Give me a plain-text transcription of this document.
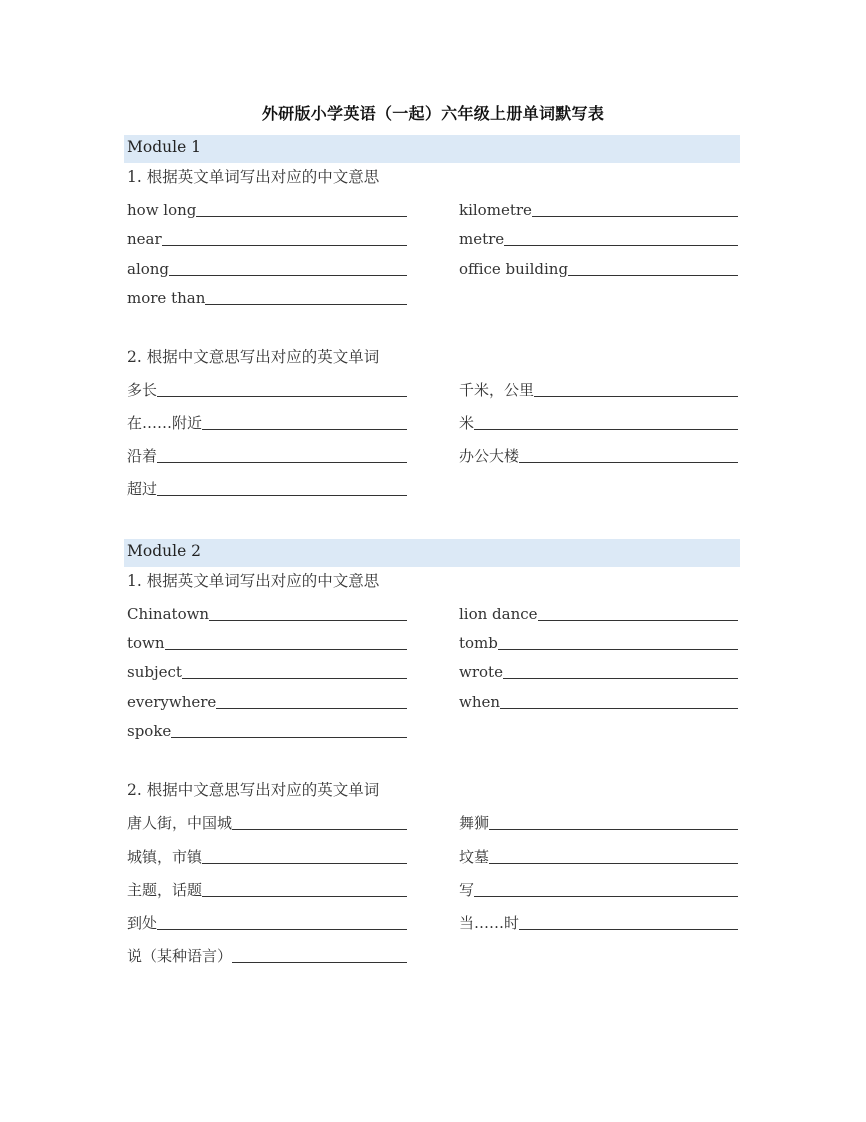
外研版小学英语（一起）六年级上册单词默写表
Module 1
1. 根据英文单词写出对应的中文意思
how long	kilometre
near	metre
along	office building
more than
2. 根据中文意思写出对应的英文单词
多长	千米，公里
在……附近	米
沿着	办公大楼
超过
Module 2
1. 根据英文单词写出对应的中文意思
Chinatown	lion dance
town	tomb
subject	wrote
everywhere	when
spoke
2. 根据中文意思写出对应的英文单词
唐人街，中国城	舞狮
城镇，市镇	坟墓
主题，话题	写
到处	当……时
说（某种语言）
